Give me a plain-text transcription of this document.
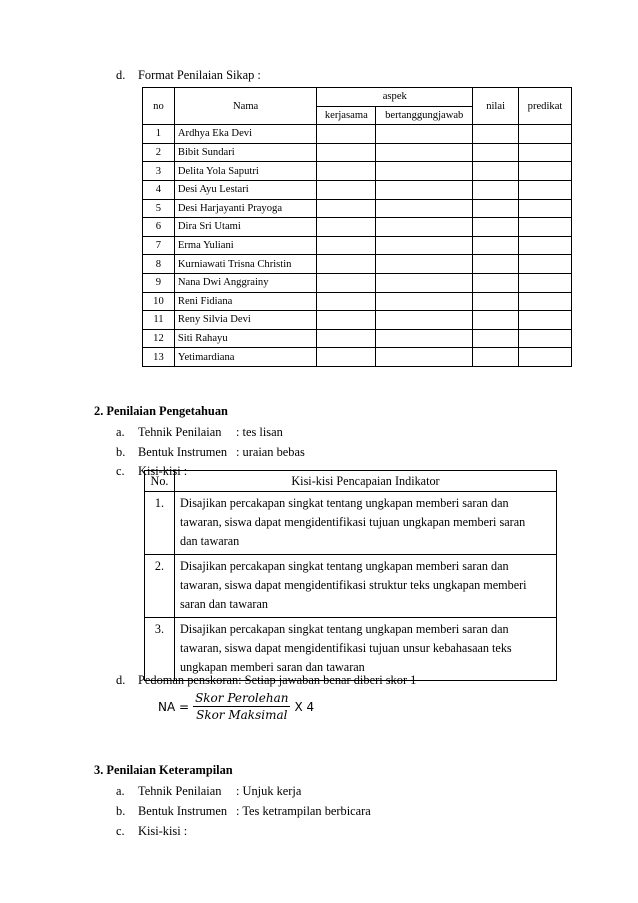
d. Format Penilaian Sikap :
no	Nama	aspek		nilai	predikat
		kerjasama	bertanggungjawab		
1	Ardhya Eka Devi				
2	Bibit Sundari				
3	Delita Yola Saputri				
4	Desi Ayu Lestari				
5	Desi Harjayanti Prayoga				
6	Dira Sri Utami				
7	Erma Yuliani				
8	Kurniawati Trisna Christin				
9	Nana Dwi Anggrainy				
10	Reni Fidiana				
11	Reny Silvia Devi				
12	Siti Rahayu				
13	Yetimardiana				
2. Penilaian Pengetahuan
a. Tehnik Penilaian : tes lisan
b. Bentuk Instrumen : uraian bebas
c. Kisi-kisi :
No.	Kisi-kisi Pencapaian Indikator
1.	Disajikan percakapan singkat tentang ungkapan memberi saran dan
tawaran, siswa dapat mengidentifikasi tujuan ungkapan memberi saran
dan tawaran

2.	Disajikan percakapan singkat tentang ungkapan memberi saran dan
tawaran, siswa dapat mengidentifikasi struktur teks ungkapan memberi
saran dan tawaran

3.	Disajikan percakapan singkat tentang ungkapan memberi saran dan
tawaran, siswa dapat mengidentifikasi tujuan unsur kebahasaan teks
ungkapan memberi saran dan tawaran
d. Pedoman penskoran: Setiap jawaban benar diberi skor 1
NA = $\frac{\text{Skor Perolehan}}{\text{Skor Maksimal}}$ X 4
3. Penilaian Keterampilan
a. Tehnik Penilaian : Unjuk kerja
b. Bentuk Instrumen : Tes ketrampilan berbicara
c. Kisi-kisi :
